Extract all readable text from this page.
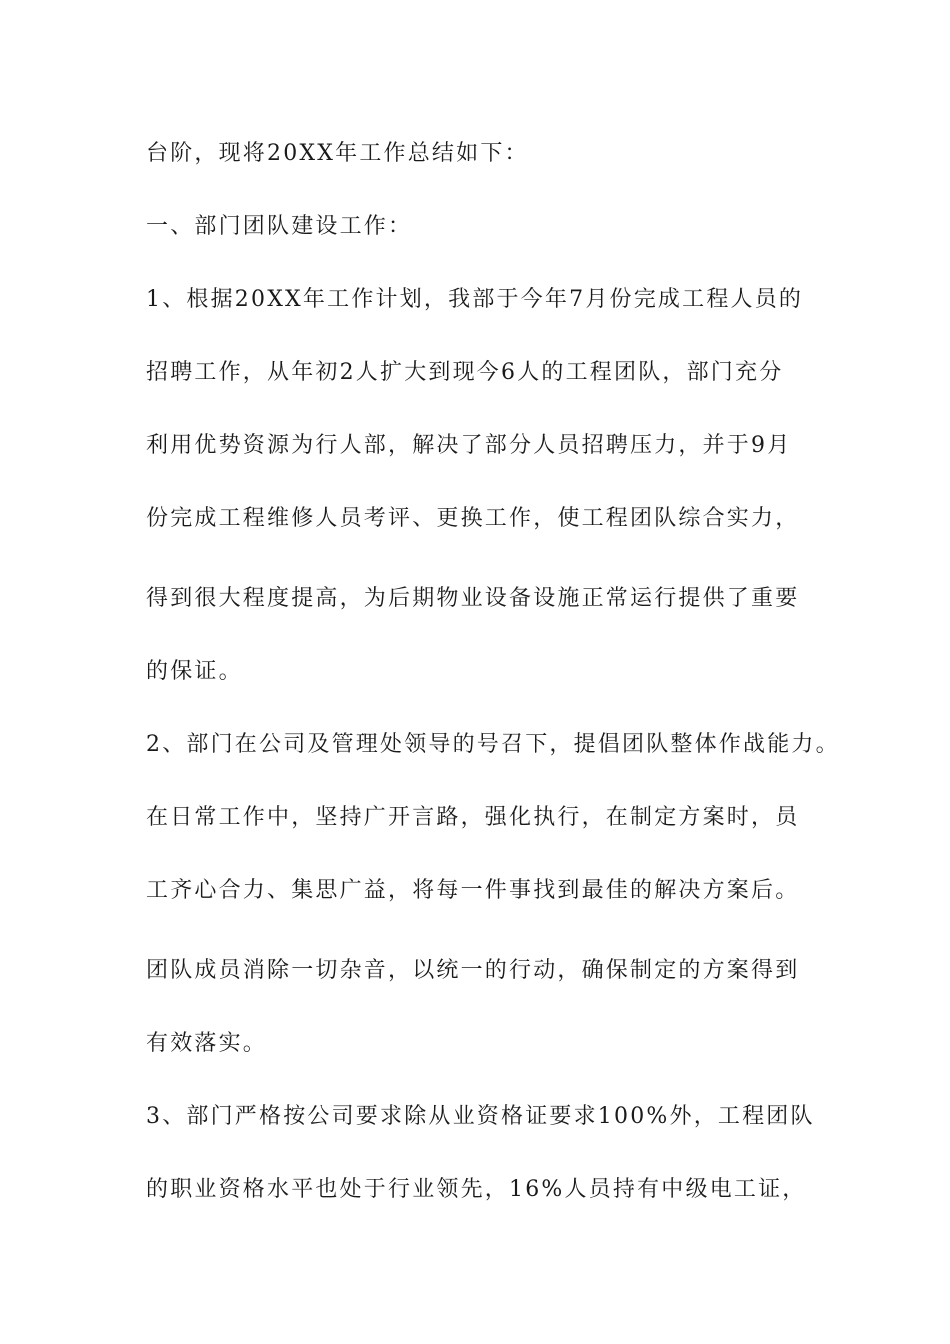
台阶，现将20XX年工作总结如下：

一、部门团队建设工作：

1、根据20XX年工作计划，我部于今年7月份完成工程人员的

招聘工作，从年初2人扩大到现今6人的工程团队，部门充分

利用优势资源为行人部，解决了部分人员招聘压力，并于9月

份完成工程维修人员考评、更换工作，使工程团队综合实力，

得到很大程度提高，为后期物业设备设施正常运行提供了重要

的保证。

2、部门在公司及管理处领导的号召下，提倡团队整体作战能力。

在日常工作中，坚持广开言路，强化执行，在制定方案时，员

工齐心合力、集思广益，将每一件事找到最佳的解决方案后。

团队成员消除一切杂音，以统一的行动，确保制定的方案得到

有效落实。

3、部门严格按公司要求除从业资格证要求100%外，工程团队

的职业资格水平也处于行业领先，16%人员持有中级电工证，
